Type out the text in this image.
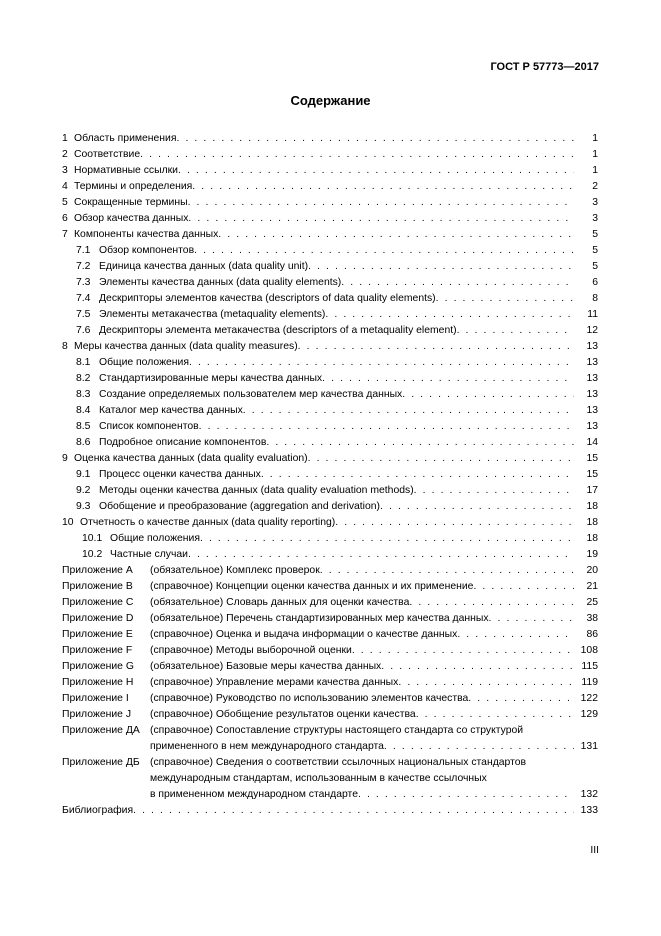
ГОСТ Р 57773—2017
Содержание
1 Область применения . . .	1
2 Соответствие . . .	1
3 Нормативные ссылки . . .	1
4 Термины и определения . . .	2
5 Сокращенные термины . . .	3
6 Обзор качества данных . . .	3
7 Компоненты качества данных . . .	5
7.1 Обзор компонентов . . .	5
7.2 Единица качества данных (data quality unit) . . .	5
7.3 Элементы качества данных (data quality elements) . . .	6
7.4 Дескрипторы элементов качества (descriptors of data quality elements) . . .	8
7.5 Элементы метакачества (metaquality elements) . . .	11
7.6 Дескрипторы элемента метакачества (descriptors of a metaquality element) . . .	12
8 Меры качества данных (data quality measures) . . .	13
8.1 Общие положения . . .	13
8.2 Стандартизированные меры качества данных . . .	13
8.3 Создание определяемых пользователем мер качества данных . . .	13
8.4 Каталог мер качества данных . . .	13
8.5 Список компонентов . . .	13
8.6 Подробное описание компонентов . . .	14
9 Оценка качества данных (data quality evaluation) . . .	15
9.1 Процесс оценки качества данных . . .	15
9.2 Методы оценки качества данных (data quality evaluation methods) . . .	17
9.3 Обобщение и преобразование (aggregation and derivation) . . .	18
10 Отчетность о качестве данных (data quality reporting) . . .	18
10.1 Общие положения . . .	18
10.2 Частные случаи . . .	19
Приложение А	(обязательное) Комплекс проверок . . .	20
Приложение В	(справочное) Концепции оценки качества данных и их применение . . .	21
Приложение С	(обязательное) Словарь данных для оценки качества . . .	25
Приложение D	(обязательное) Перечень стандартизированных мер качества данных . . .	38
Приложение Е	(справочное) Оценка и выдача информации о качестве данных . . .	86
Приложение F	(справочное) Методы выборочной оценки . . .	108
Приложение G	(обязательное) Базовые меры качества данных . . .	115
Приложение Н	(справочное) Управление мерами качества данных . . .	119
Приложение I	(справочное) Руководство по использованию элементов качества . . .	122
Приложение J	(справочное) Обобщение результатов оценки качества . . .	129
Приложение ДА (справочное) Сопоставление структуры настоящего стандарта со структурой
примененного в нем международного стандарта . . .	131
Приложение ДБ (справочное) Сведения о соответствии ссылочных национальных стандартов
международным стандартам, использованным в качестве ссылочных
в примененном международном стандарте . . .	132
Библиография . . .	133
III
